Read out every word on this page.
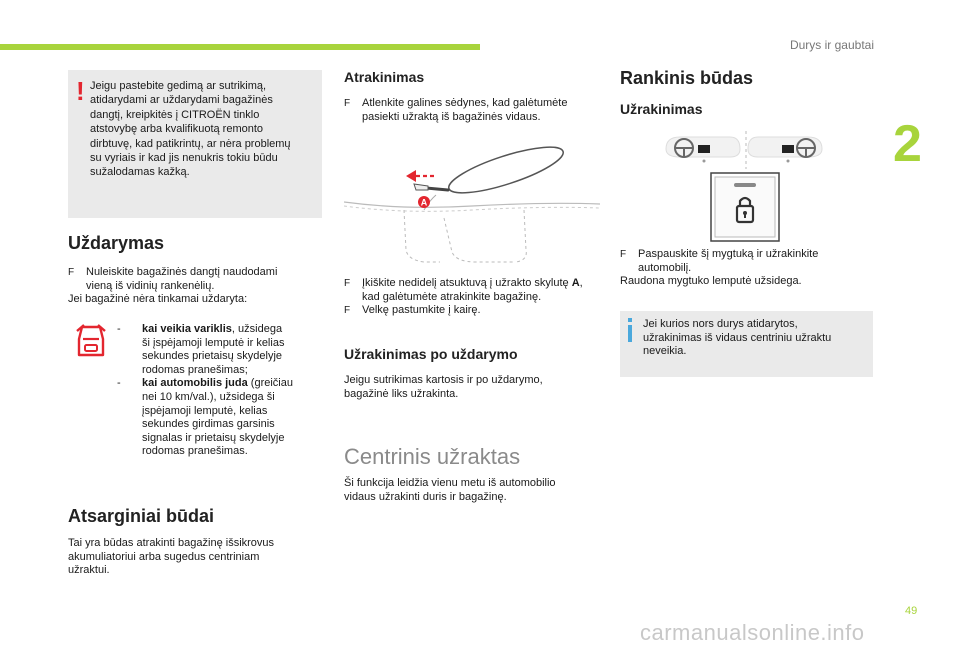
Durys ir gaubtai
2
! Jeigu pastebite gedimą ar sutrikimą,
atidarydami ar uždarydami bagažinės
dangtį, kreipkitės į CITROËN tinklo
atstovybę arba kvalifikuotą remonto
dirbtuvę, kad patikrintų, ar nėra problemų
su vyriais ir kad jis nenukris tokiu būdu
sužalodamas kažką.
Uždarymas
F Nuleiskite bagažinės dangtį naudodami
vieną iš vidinių rankenėlių.
Jei bagažinė nėra tinkamai uždaryta:
- kai veikia variklis, užsidega
ši įspėjamoji lemputė ir kelias
sekundes prietaisų skydelyje
rodomas pranešimas;
- kai automobilis juda (greičiau
nei 10 km/val.), užsidega ši
įspėjamoji lemputė, kelias
sekundes girdimas garsinis
signalas ir prietaisų skydelyje
rodomas pranešimas.
Atsarginiai būdai
Tai yra būdas atrakinti bagažinę išsikrovus
akumuliatoriui arba sugedus centriniam
užraktui.
Atrakinimas
F Atlenkite galines sėdynes, kad galėtumėte
pasiekti užraktą iš bagažinės vidaus.
A
F Įkiškite nedidelį atsuktuvą į užrakto skylutę A, kad galėtumėte atrakinkite bagažinę.
F Velkę pastumkite į kairę.
Užrakinimas po uždarymo
Jeigu sutrikimas kartosis ir po uždarymo,
bagažinė liks užrakinta.
Centrinis užraktas
Ši funkcija leidžia vienu metu iš automobilio
vidaus užrakinti duris ir bagažinę.
Rankinis būdas
Užrakinimas
F Paspauskite šį mygtuką ir užrakinkite
automobilį.
Raudona mygtuko lemputė užsidega.
Jei kurios nors durys atidarytos,
užrakinimas iš vidaus centriniu užraktu
neveikia.
49
carmanualsonline.info
